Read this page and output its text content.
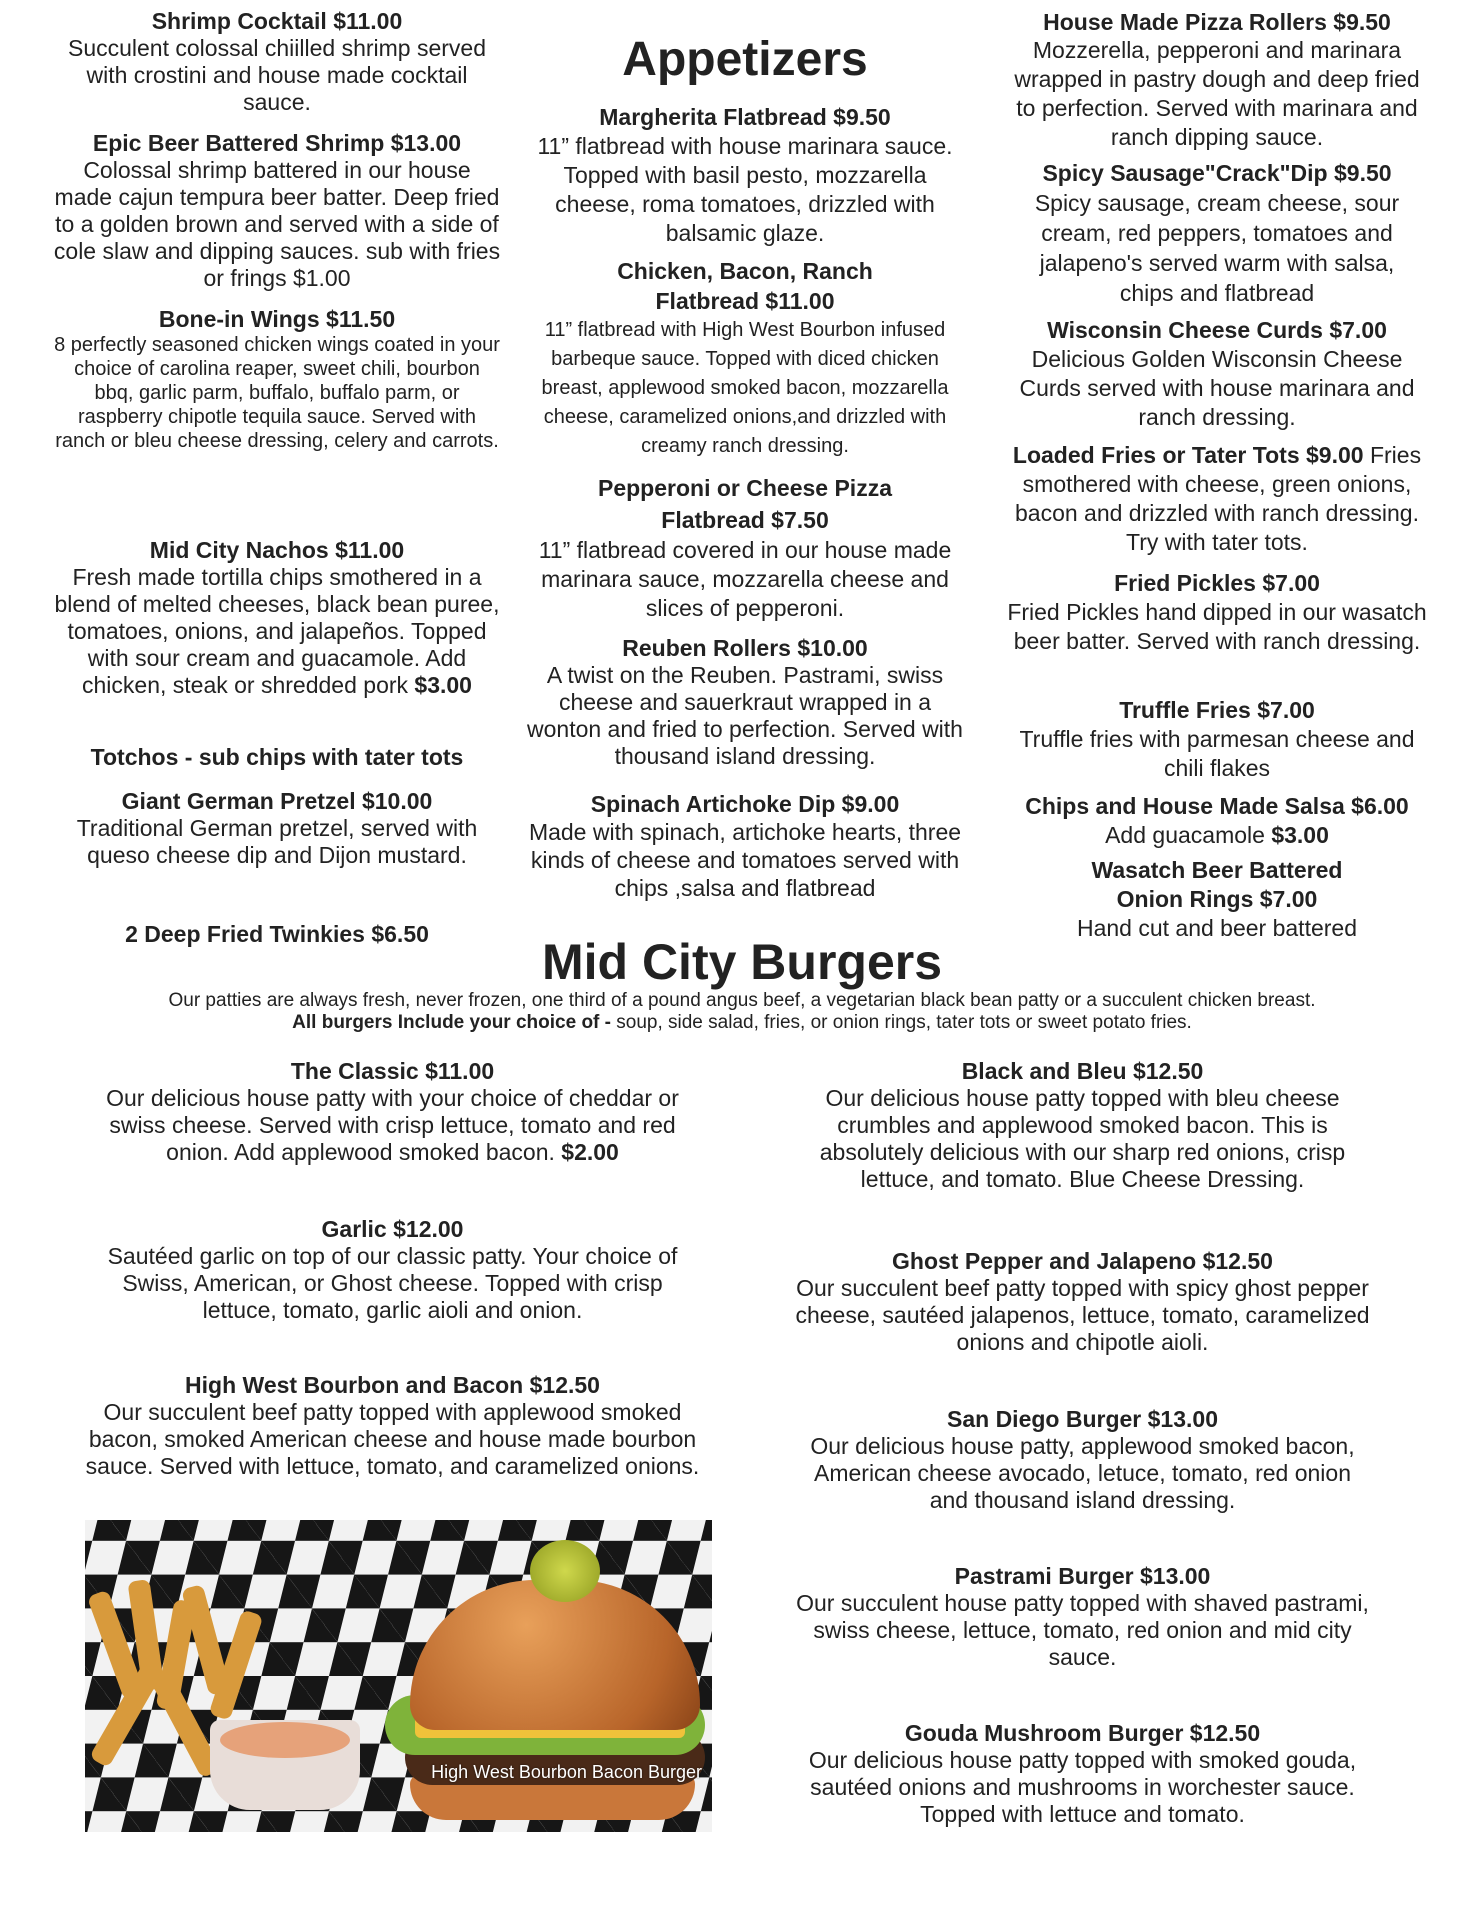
Shrimp Cocktail $11.00

Succulent colossal chiilled shrimp served with crostini and house made cocktail sauce.

Epic Beer Battered Shrimp $13.00

Colossal shrimp battered in our house made cajun tempura beer batter. Deep fried to a golden brown and served with a side of cole slaw and dipping sauces. sub with fries or frings $1.00

Bone-in Wings $11.50

8 perfectly seasoned chicken wings coated in your choice of carolina reaper, sweet chili, bourbon bbq, garlic parm, buffalo, buffalo parm, or raspberry chipotle tequila sauce. Served with ranch or bleu cheese dressing, celery and carrots.

Mid City Nachos $11.00

Fresh made tortilla chips smothered in a blend of melted cheeses, black bean puree, tomatoes, onions, and jalapeños. Topped with sour cream and guacamole. Add chicken, steak or shredded pork $3.00

Totchos - sub chips with tater tots

Giant German Pretzel $10.00

Traditional German pretzel, served with queso cheese dip and Dijon mustard.

2 Deep Fried Twinkies $6.50

Appetizers

Margherita Flatbread $9.50

11” flatbread with house marinara sauce. Topped with basil pesto, mozzarella cheese, roma tomatoes, drizzled with balsamic glaze.

Chicken, Bacon, Ranch Flatbread $11.00

11” flatbread with High West Bourbon infused barbeque sauce. Topped with diced chicken breast, applewood smoked bacon, mozzarella cheese, caramelized onions,and drizzled with creamy ranch dressing.

Pepperoni or Cheese Pizza Flatbread $7.50

11” flatbread covered in our house made marinara sauce, mozzarella cheese and slices of pepperoni.

Reuben Rollers $10.00

A twist on the Reuben. Pastrami, swiss cheese and sauerkraut wrapped in a wonton and fried to perfection. Served with thousand island dressing.

Spinach Artichoke Dip $9.00

Made with spinach, artichoke hearts, three kinds of cheese and tomatoes served with chips ,salsa and flatbread

House Made Pizza Rollers $9.50

Mozzerella, pepperoni and marinara wrapped in pastry dough and deep fried to perfection. Served with marinara and ranch dipping sauce.

Spicy Sausage"Crack"Dip $9.50

Spicy sausage, cream cheese, sour cream, red peppers, tomatoes and jalapeno's served warm with salsa, chips and flatbread

Wisconsin Cheese Curds $7.00

Delicious Golden Wisconsin Cheese Curds served with house marinara and ranch dressing.

Loaded Fries or Tater Tots $9.00 Fries smothered with cheese, green onions, bacon and drizzled with ranch dressing. Try with tater tots.

Fried Pickles $7.00

Fried Pickles hand dipped in our wasatch beer batter. Served with ranch dressing.

Truffle Fries $7.00

Truffle fries with parmesan cheese and chili flakes

Chips and House Made Salsa $6.00

Add guacamole $3.00

Wasatch Beer Battered Onion Rings $7.00

Hand cut and beer battered

Mid City Burgers

Our patties are always fresh, never frozen, one third of a pound angus beef, a vegetarian black bean patty or a succulent chicken breast.

All burgers Include your choice of - soup, side salad, fries, or onion rings, tater tots or sweet potato fries.

The Classic $11.00

Our delicious house patty with your choice of cheddar or swiss cheese. Served with crisp lettuce, tomato and red onion. Add applewood smoked bacon. $2.00

Garlic $12.00

Sautéed garlic on top of our classic patty. Your choice of Swiss, American, or Ghost cheese. Topped with crisp lettuce, tomato, garlic aioli and onion.

High West Bourbon and Bacon $12.50

Our succulent beef patty topped with applewood smoked bacon, smoked American cheese and house made bourbon sauce. Served with lettuce, tomato, and caramelized onions.

High West Bourbon Bacon Burger

Black and Bleu $12.50

Our delicious house patty topped with bleu cheese crumbles and applewood smoked bacon. This is absolutely delicious with our sharp red onions, crisp lettuce, and tomato. Blue Cheese Dressing.

Ghost Pepper and Jalapeno $12.50

Our succulent beef patty topped with spicy ghost pepper cheese, sautéed jalapenos, lettuce, tomato, caramelized onions and chipotle aioli.

San Diego Burger $13.00

Our delicious house patty, applewood smoked bacon, American cheese avocado, letuce, tomato, red onion and thousand island dressing.

Pastrami Burger $13.00

Our succulent house patty topped with shaved pastrami, swiss cheese, lettuce, tomato, red onion and mid city sauce.

Gouda Mushroom Burger $12.50

Our delicious house patty topped with smoked gouda, sautéed onions and mushrooms in worchester sauce. Topped with lettuce and tomato.
